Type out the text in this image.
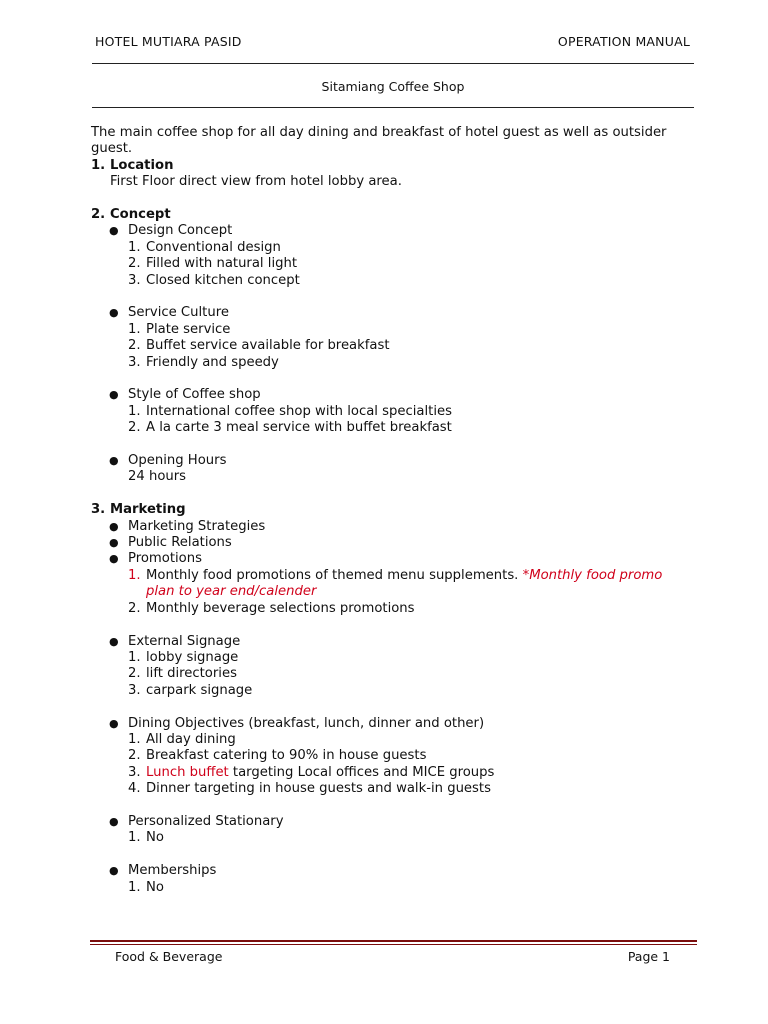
HOTEL MUTIARA PASID	OPERATION MANUAL
Sitamiang Coffee Shop

The main coffee shop for all day dining and breakfast of hotel guest as well as outsider guest.

1. Location
First Floor direct view from hotel lobby area.
2. Concept
● Design Concept
1. Conventional design
2. Filled with natural light
3. Closed kitchen concept
● Service Culture
1. Plate service
2. Buffet service available for breakfast
3. Friendly and speedy
● Style of Coffee shop
1. International coffee shop with local specialties
2. A la carte 3 meal service with buffet breakfast
● Opening Hours
24 hours
3. Marketing
● Marketing Strategies
● Public Relations
● Promotions
1. Monthly food promotions of themed menu supplements. *Monthly food promo
plan to year end/calender
2. Monthly beverage selections promotions
● External Signage
1. lobby signage
2. lift directories
3. carpark signage
● Dining Objectives (breakfast, lunch, dinner and other)
1. All day dining
2. Breakfast catering to 90% in house guests
3. Lunch buffet targeting Local offices and MICE groups
4. Dinner targeting in house guests and walk-in guests
● Personalized Stationary
1. No
● Memberships
1. No
Food & Beverage	Page 1
